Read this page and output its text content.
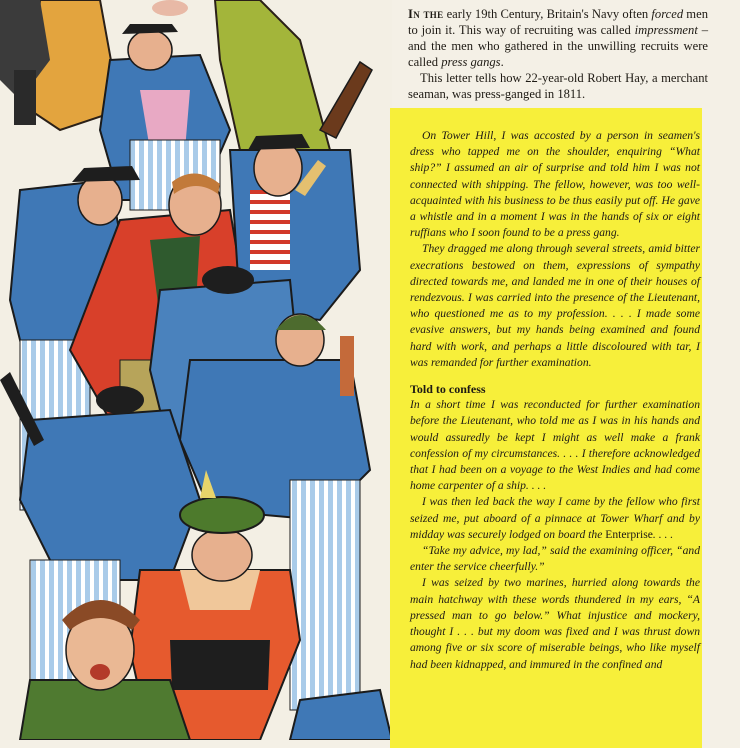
In the early 19th Century, Britain's Navy often forced men to join it. This way of recruiting was called impressment – and the men who gathered in the unwilling recruits were called press gangs.

This letter tells how 22-year-old Robert Hay, a merchant seaman, was press-ganged in 1811.

On Tower Hill, I was accosted by a person in seamen's dress who tapped me on the shoulder, enquiring “What ship?” I assumed an air of surprise and told him I was not connected with shipping. The fellow, however, was too well-acquainted with his business to be thus easily put off. He gave a whistle and in a moment I was in the hands of six or eight ruffians who I soon found to be a press gang.

They dragged me along through several streets, amid bitter execrations bestowed on them, expressions of sympathy directed towards me, and landed me in one of their houses of rendezvous. I was carried into the presence of the Lieutenant, who questioned me as to my profession. . . . I made some evasive answers, but my hands being examined and found hard with work, and perhaps a little discoloured with tar, I was remanded for further examination.

Told to confess

In a short time I was reconducted for further examination before the Lieutenant, who told me as I was in his hands and would assuredly be kept I might as well make a frank confession of my circumstances. . . . I therefore acknowledged that I had been on a voyage to the West Indies and had come home carpenter of a ship. . . .

I was then led back the way I came by the fellow who first seized me, put aboard of a pinnace at Tower Wharf and by midday was securely lodged on board the Enterprise. . . .

“Take my advice, my lad,” said the examining officer, “and enter the service cheerfully.”

I was seized by two marines, hurried along towards the main hatchway with these words thundered in my ears, “A pressed man to go below.” What injustice and mockery, thought I . . . but my doom was fixed and I was thrust down among five or six score of miserable beings, who like myself had been kidnapped, and immured in the confined and
